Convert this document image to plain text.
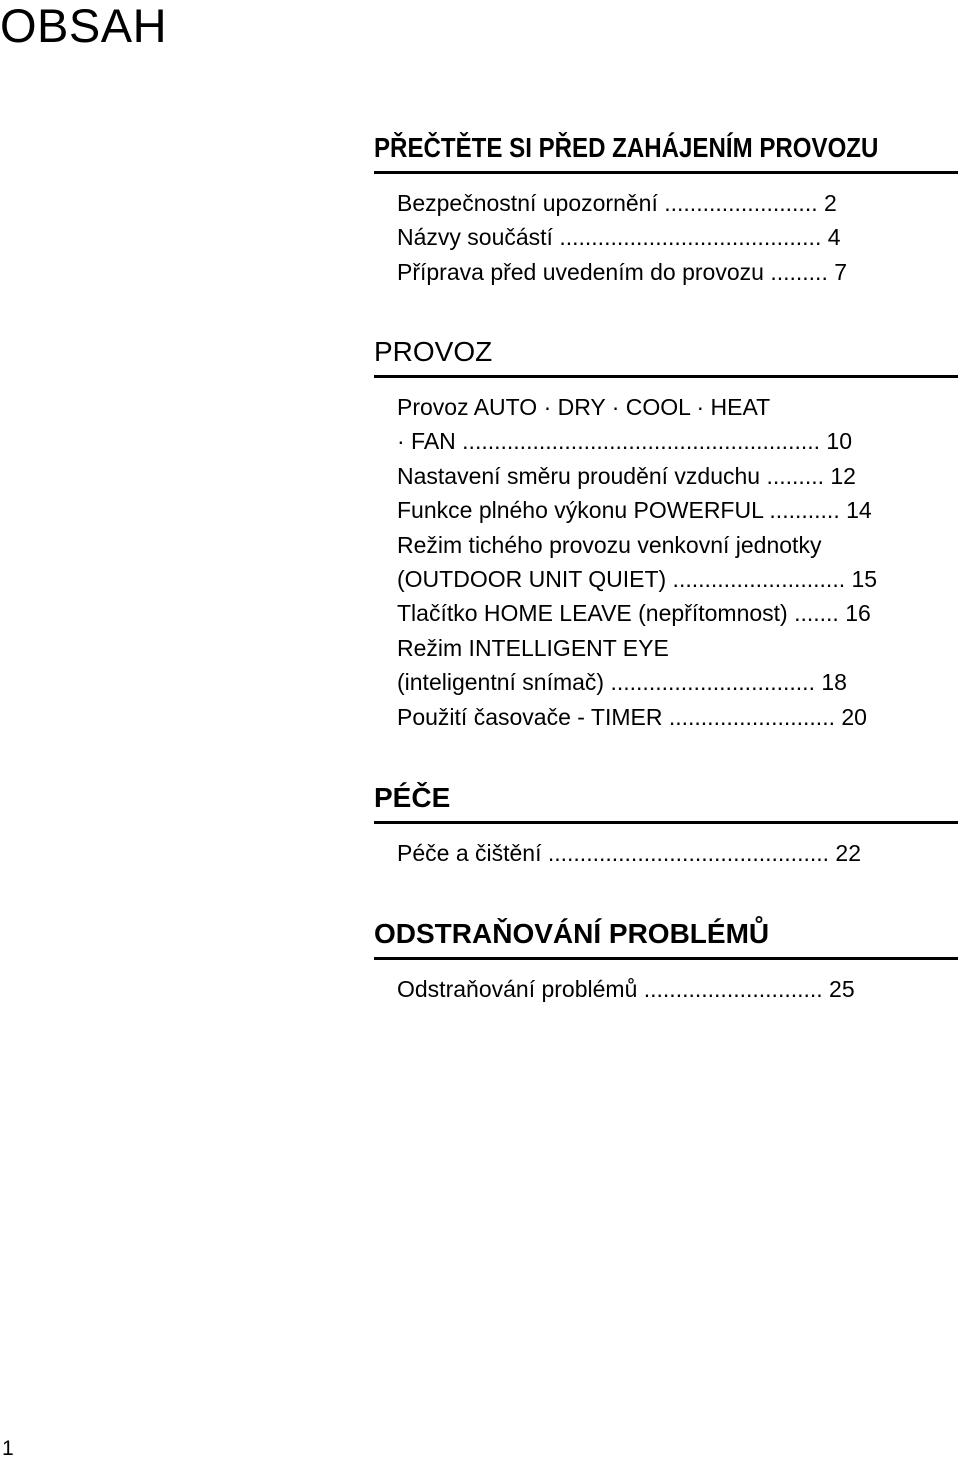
OBSAH
PŘEČTĚTE SI PŘED ZAHÁJENÍM PROVOZU
Bezpečnostní upozornění ........................ 2
Názvy součástí ......................................... 4
Příprava před uvedením do provozu ......... 7
PROVOZ
Provoz AUTO · DRY · COOL · HEAT
· FAN ........................................................ 10
Nastavení směru proudění vzduchu ......... 12
Funkce plného výkonu POWERFUL ........... 14
Režim tichého provozu venkovní jednotky
(OUTDOOR UNIT QUIET) ........................... 15
Tlačítko HOME LEAVE (nepřítomnost) ....... 16
Režim INTELLIGENT EYE
(inteligentní snímač) ................................ 18
Použití časovače - TIMER .......................... 20
PÉČE
Péče a čištění ............................................ 22
ODSTRAŇOVÁNÍ PROBLÉMŮ
Odstraňování problémů ............................ 25
1
